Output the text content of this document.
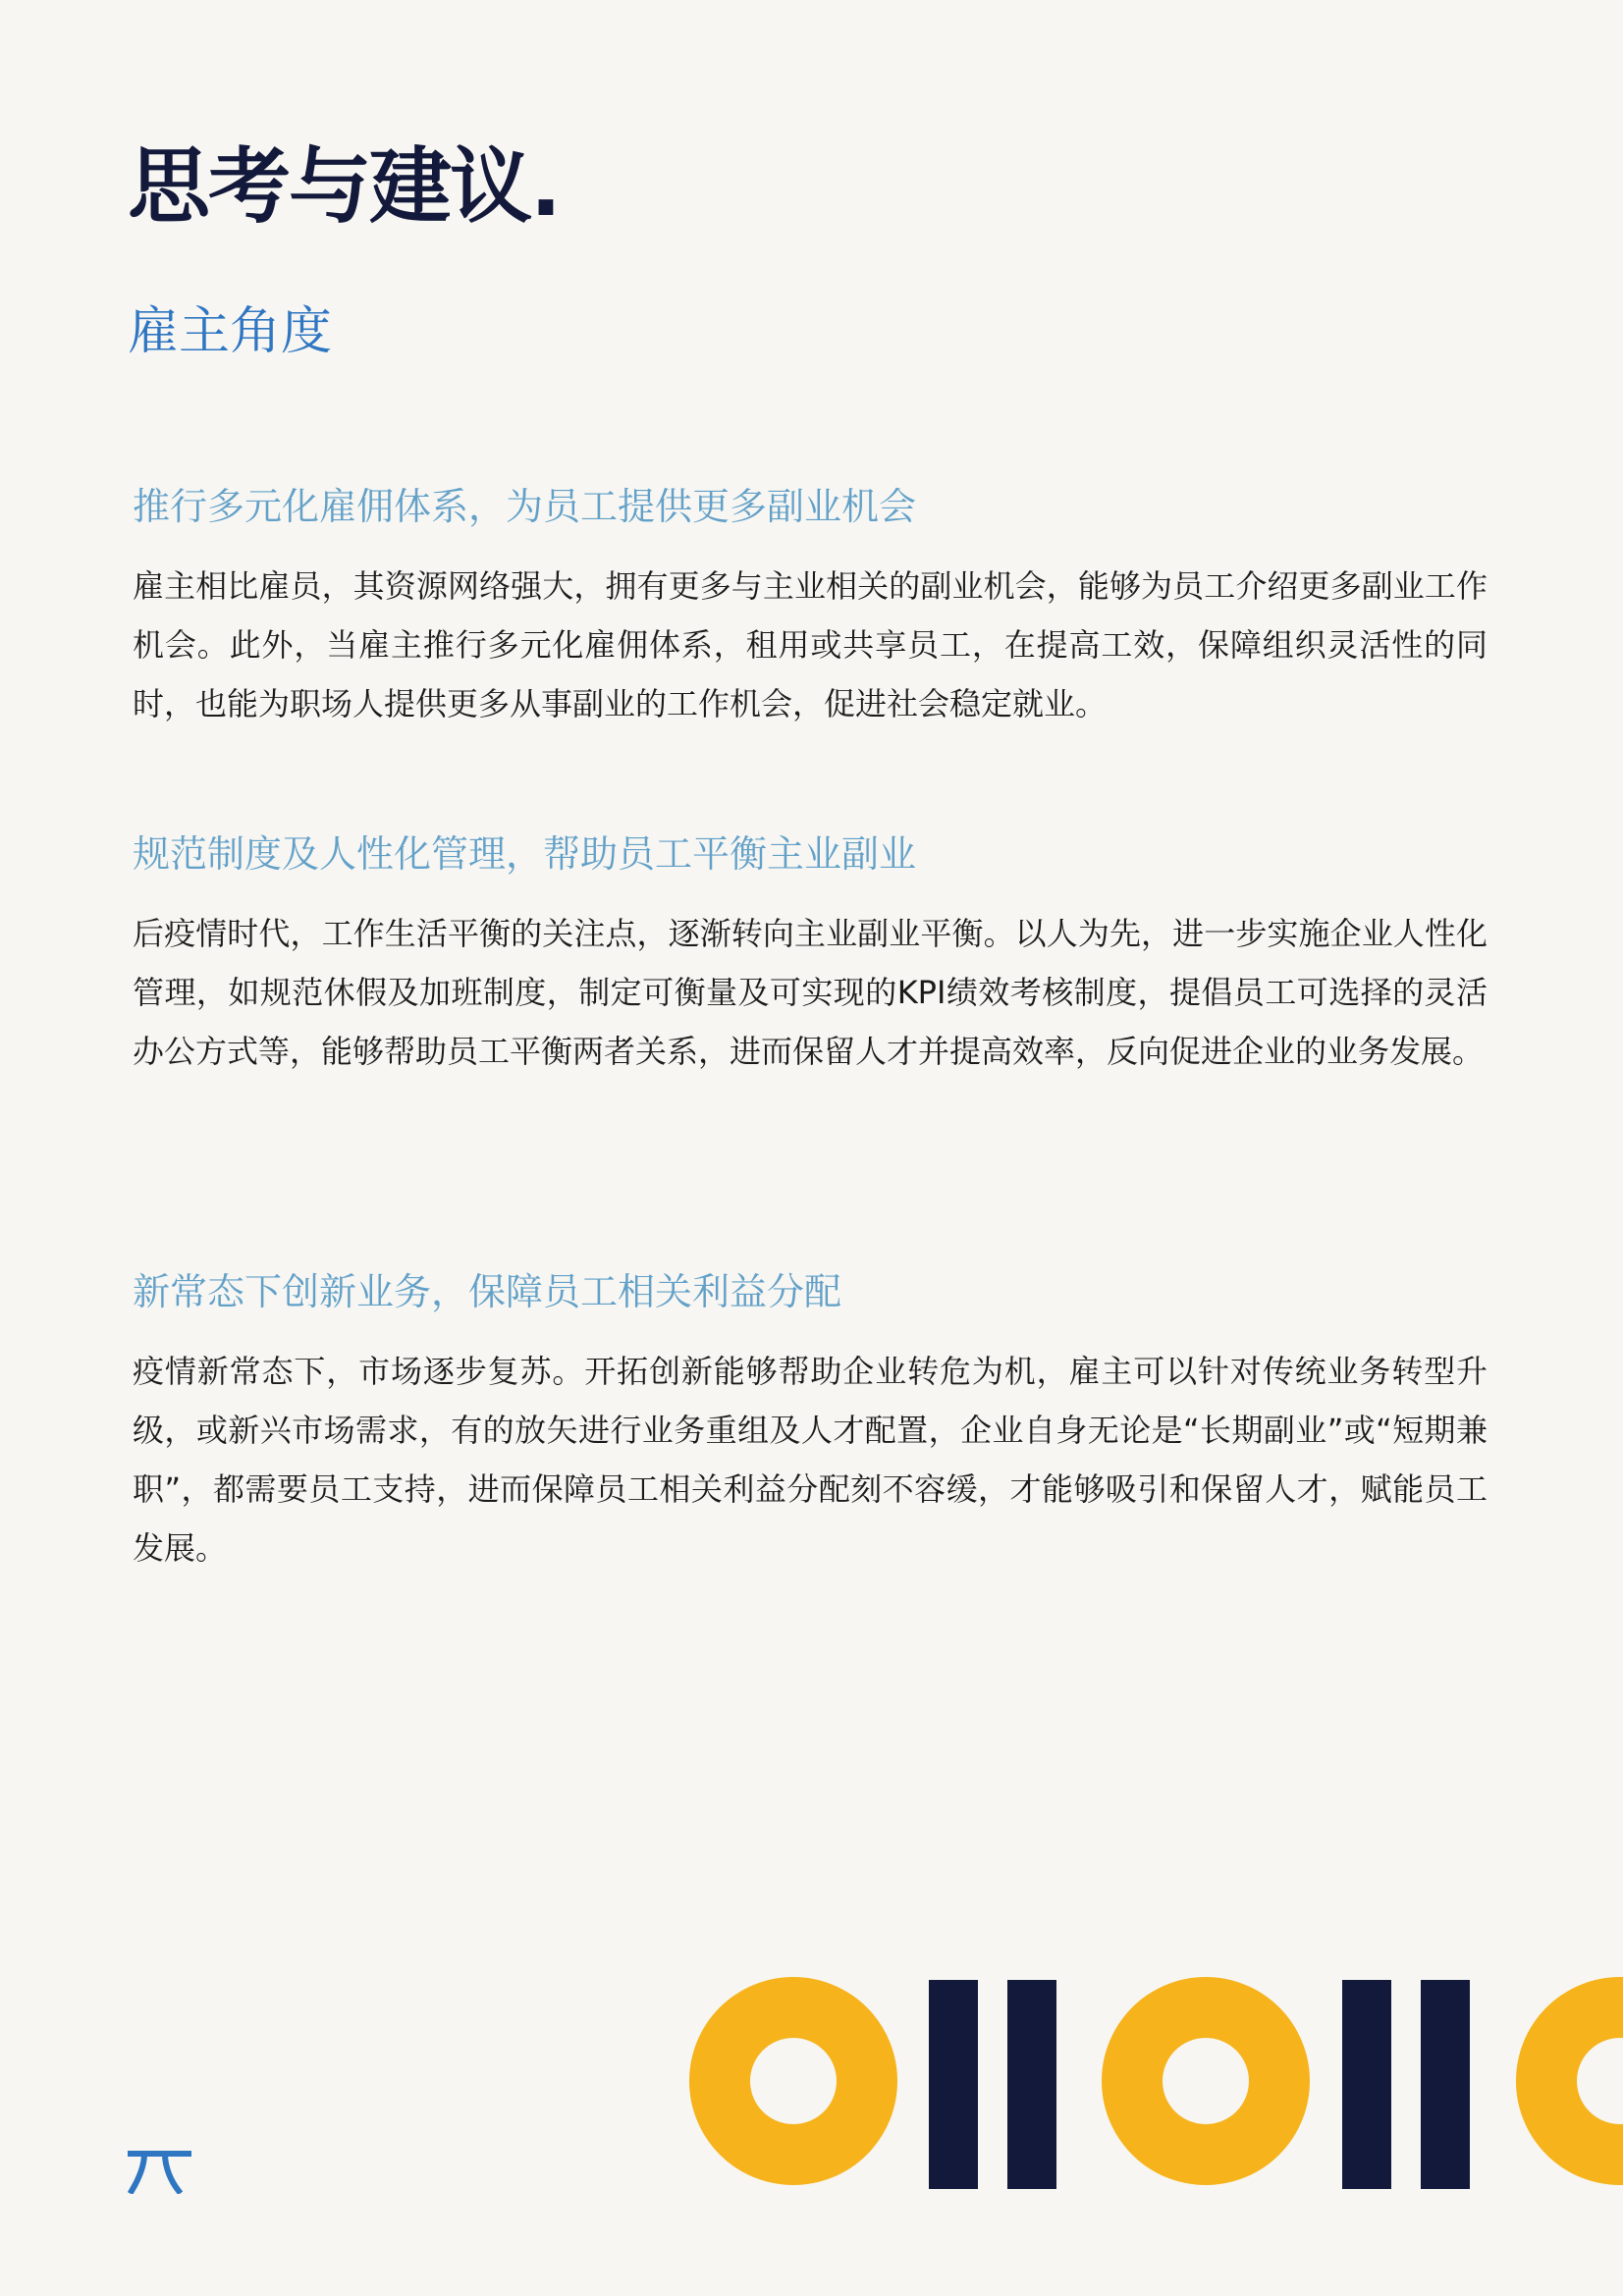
思考与建议.
雇主角度
推行多元化雇佣体系，为员工提供更多副业机会

雇主相比雇员，其资源网络强大，拥有更多与主业相关的副业机会，能够为员工介绍更多副业工作机会。此外，当雇主推行多元化雇佣体系，租用或共享员工，在提高工效，保障组织灵活性的同时，也能为职场人提供更多从事副业的工作机会，促进社会稳定就业。

规范制度及人性化管理，帮助员工平衡主业副业

后疫情时代，工作生活平衡的关注点，逐渐转向主业副业平衡。以人为先，进一步实施企业人性化管理，如规范休假及加班制度，制定可衡量及可实现的KPI绩效考核制度，提倡员工可选择的灵活办公方式等，能够帮助员工平衡两者关系，进而保留人才并提高效率，反向促进企业的业务发展。

新常态下创新业务，保障员工相关利益分配

疫情新常态下，市场逐步复苏。开拓创新能够帮助企业转危为机，雇主可以针对传统业务转型升级，或新兴市场需求，有的放矢进行业务重组及人才配置，企业自身无论是“长期副业”或“短期兼职”，都需要员工支持，进而保障员工相关利益分配刻不容缓，才能够吸引和保留人才，赋能员工发展。
